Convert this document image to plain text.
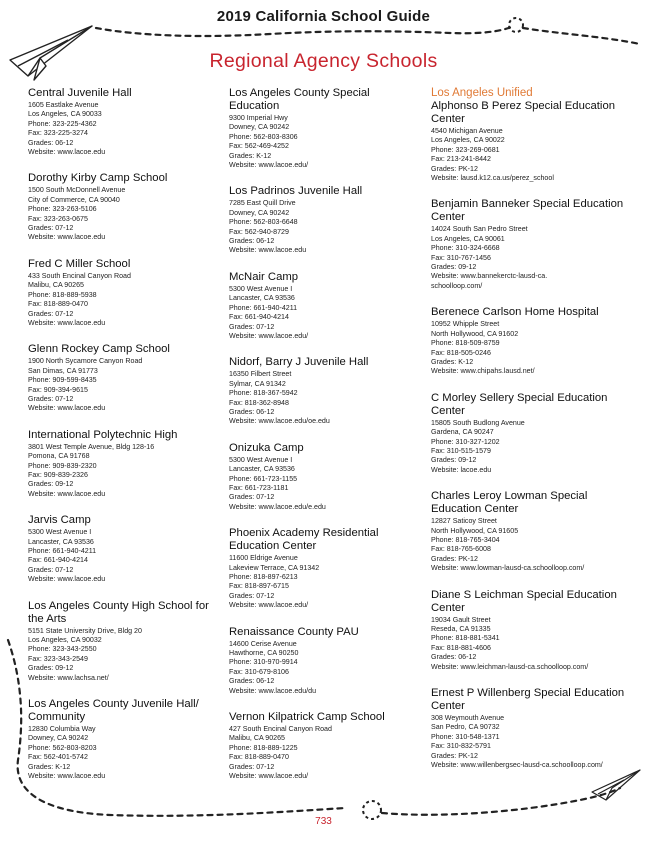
2019 California School Guide
Regional Agency Schools
Central Juvenile Hall
1605 Eastlake Avenue
Los Angeles, CA 90033
Phone: 323-225-4362
Fax: 323-225-3274
Grades: 06-12
Website: www.lacoe.edu
Dorothy Kirby Camp School
1500 South McDonnell Avenue
City of Commerce, CA 90040
Phone: 323-263-5106
Fax: 323-263-0675
Grades: 07-12
Website: www.lacoe.edu
Fred C Miller School
433 South Encinal Canyon Road
Malibu, CA 90265
Phone: 818-889-5938
Fax: 818-889-0470
Grades: 07-12
Website: www.lacoe.edu
Glenn Rockey Camp School
1900 North Sycamore Canyon Road
San Dimas, CA 91773
Phone: 909-599-8435
Fax: 909-394-9615
Grades: 07-12
Website: www.lacoe.edu
International Polytechnic High
3801 West Temple Avenue, Bldg 128-16
Pomona, CA 91768
Phone: 909-839-2320
Fax: 909-839-2326
Grades: 09-12
Website: www.lacoe.edu
Jarvis Camp
5300 West Avenue I
Lancaster, CA 93536
Phone: 661-940-4211
Fax: 661-940-4214
Grades: 07-12
Website: www.lacoe.edu
Los Angeles County High School for the Arts
5151 State University Drive, Bldg 20
Los Angeles, CA 90032
Phone: 323-343-2550
Fax: 323-343-2549
Grades: 09-12
Website: www.lachsa.net/
Los Angeles County Juvenile Hall/ Community
12830 Columbia Way
Downey, CA 90242
Phone: 562-803-8203
Fax: 562-401-5742
Grades: K-12
Website: www.lacoe.edu
Los Angeles County Special Education
9300 Imperial Hwy
Downey, CA 90242
Phone: 562-803-8306
Fax: 562-469-4252
Grades: K-12
Website: www.lacoe.edu/
Los Padrinos Juvenile Hall
7285 East Quill Drive
Downey, CA 90242
Phone: 562-803-6648
Fax: 562-940-8729
Grades: 06-12
Website: www.lacoe.edu
McNair Camp
5300 West Avenue I
Lancaster, CA 93536
Phone: 661-940-4211
Fax: 661-940-4214
Grades: 07-12
Website: www.lacoe.edu/
Nidorf, Barry J Juvenile Hall
16350 Filbert Street
Sylmar, CA 91342
Phone: 818-367-5942
Fax: 818-362-8948
Grades: 06-12
Website: www.lacoe.edu/oe.edu
Onizuka Camp
5300 West Avenue I
Lancaster, CA 93536
Phone: 661-723-1155
Fax: 661-723-1181
Grades: 07-12
Website: www.lacoe.edu/e.edu
Phoenix Academy Residential Education Center
11600 Eldrige Avenue
Lakeview Terrace, CA 91342
Phone: 818-897-6213
Fax: 818-897-6715
Grades: 07-12
Website: www.lacoe.edu/
Renaissance County PAU
14600 Cerise Avenue
Hawthorne, CA 90250
Phone: 310-970-9914
Fax: 310-679-8106
Grades: 06-12
Website: www.lacoe.edu/du
Vernon Kilpatrick Camp School
427 South Encinal Canyon Road
Malibu, CA 90265
Phone: 818-889-1225
Fax: 818-889-0470
Grades: 07-12
Website: www.lacoe.edu/
Los Angeles Unified
Alphonso B Perez Special Education Center
4540 Michigan Avenue
Los Angeles, CA 90022
Phone: 323-269-0681
Fax: 213-241-8442
Grades: PK-12
Website: lausd.k12.ca.us/perez_school
Benjamin Banneker Special Education Center
14024 South San Pedro Street
Los Angeles, CA 90061
Phone: 310-324-6668
Fax: 310-767-1456
Grades: 09-12
Website: www.bannekerctc-lausd-ca.
schoolloop.com/
Berenece Carlson Home Hospital
10952 Whipple Street
North Hollywood, CA 91602
Phone: 818-509-8759
Fax: 818-505-0246
Grades: K-12
Website: www.chipahs.lausd.net/
C Morley Sellery Special Education Center
15805 South Budlong Avenue
Gardena, CA 90247
Phone: 310-327-1202
Fax: 310-515-1579
Grades: 09-12
Website: lacoe.edu
Charles Leroy Lowman Special Education Center
12827 Saticoy Street
North Hollywood, CA 91605
Phone: 818-765-3404
Fax: 818-765-6008
Grades: PK-12
Website: www.lowman-lausd-ca.schoolloop.com/
Diane S Leichman Special Education Center
19034 Gault Street
Reseda, CA 91335
Phone: 818-881-5341
Fax: 818-881-4606
Grades: 06-12
Website: www.leichman-lausd-ca.schoolloop.com/
Ernest P Willenberg Special Education Center
308 Weymouth Avenue
San Pedro, CA 90732
Phone: 310-548-1371
Fax: 310-832-5791
Grades: PK-12
Website: www.willenbergsec-lausd-ca.schoolloop.com/
733
